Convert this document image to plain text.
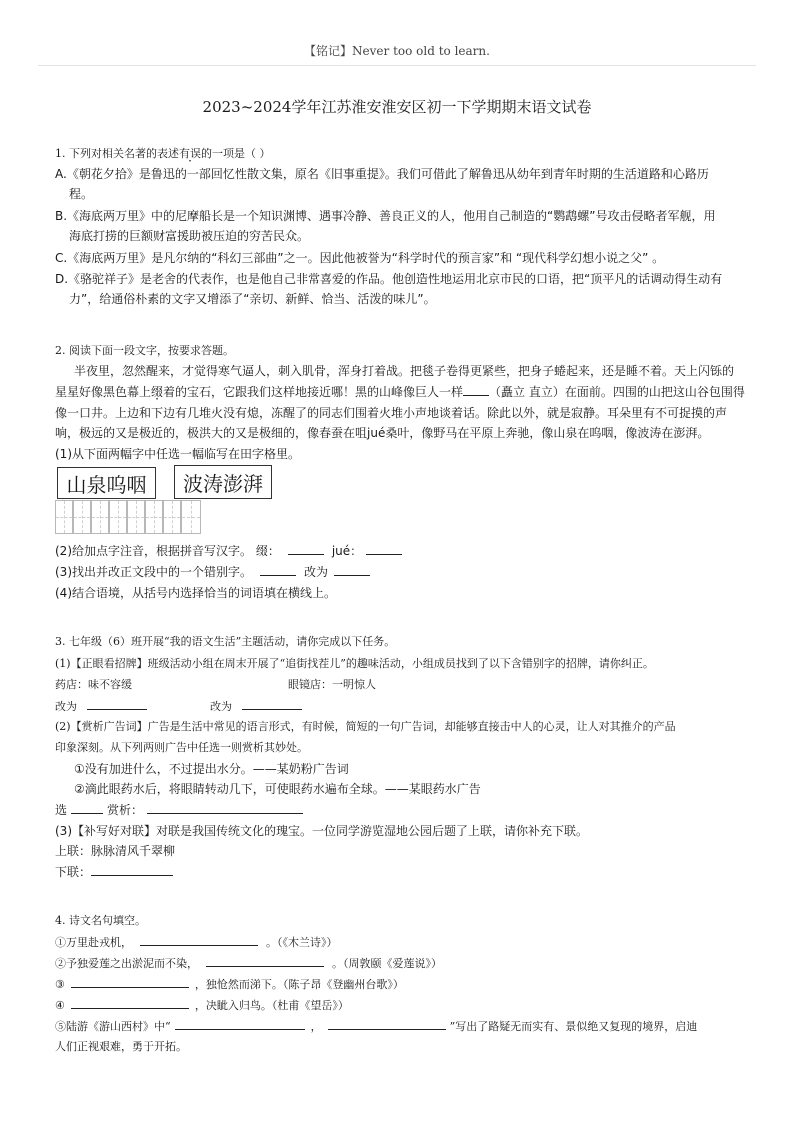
【铭记】Never too old to learn.
2023~2024学年江苏淮安淮安区初一下学期期末语文试卷
1. 下列对相关名著的表述有误的一项是（ ）
A.《朝花夕拾》是鲁迅的一部回忆性散文集，原名《旧事重提》。我们可借此了解鲁迅从幼年到青年时期的生活道路和心路历
程。
B.《海底两万里》中的尼摩船长是一个知识渊博、遇事冷静、善良正义的人，他用自己制造的“鹦鹉螺”号攻击侵略者军舰，用
海底打捞的巨额财富援助被压迫的穷苦民众。
C.《海底两万里》是凡尔纳的“科幻三部曲”之一。因此他被誉为“科学时代的预言家”和 “现代科学幻想小说之父” 。
D.《骆驼祥子》是老舍的代表作，也是他自己非常喜爱的作品。他创造性地运用北京市民的口语，把“顶平凡的话调动得生动有
力”，给通俗朴素的文字又增添了“亲切、新鲜、恰当、活泼的味儿”。
2. 阅读下面一段文字，按要求答题。
半夜里，忽然醒来，才觉得寒气逼人，刺入肌骨，浑身打着战。把毯子卷得更紧些，把身子蜷起来，还是睡不着。天上闪铄的
星星好像黑色幕上缀着的宝石，它跟我们这样地接近哪！黑的山峰像巨人一样 （矗立 直立）在面前。四围的山把这山谷包围得
像一口井。上边和下边有几堆火没有熄，冻醒了的同志们围着火堆小声地谈着话。除此以外，就是寂静。耳朵里有不可捉摸的声
响，极远的又是极近的，极洪大的又是极细的，像春蚕在咀jué桑叶，像野马在平原上奔驰，像山泉在呜咽，像波涛在澎湃。
(1)从下面两幅字中任选一幅临写在田字格里。
山泉呜咽	波涛澎湃
(2)给加点字注音，根据拼音写汉字。 缀：	jué：
(3)找出并改正文段中的一个错别字。	改为
(4)结合语境，从括号内选择恰当的词语填在横线上。
3. 七年级（6）班开展“我的语文生活”主题活动，请你完成以下任务。
(1)【正眼看招牌】班级活动小组在周末开展了“追街找茬儿”的趣味活动，小组成员找到了以下含错别字的招牌，请你纠正。
药店：味不容缓	眼镜店：一明惊人
改为	改为
(2)【赏析广告词】广告是生活中常见的语言形式，有时候，简短的一句广告词，却能够直接击中人的心灵，让人对其推介的产品
印象深刻。从下列两则广告中任选一则赏析其妙处。
①没有加进什么，不过提出水分。——某奶粉广告词
②滴此眼药水后，将眼睛转动几下，可使眼药水遍布全球。——某眼药水广告
选	赏析：
(3)【补写好对联】对联是我国传统文化的瑰宝。一位同学游览湿地公园后题了上联，请你补充下联。
上联：脉脉清风千翠柳
下联：
4. 诗文名句填空。
①万里赴戎机，	。（《木兰诗》）
②予独爱莲之出淤泥而不染，	。（周敦颐《爱莲说》）
③	，独怆然而涕下。（陈子昂《登幽州台歌》）
④	，决眦入归鸟。（杜甫《望岳》）
⑤陆游《游山西村》中“	，	”写出了路疑无而实有、景似绝又复现的境界，启迪
人们正视艰难，勇于开拓。
